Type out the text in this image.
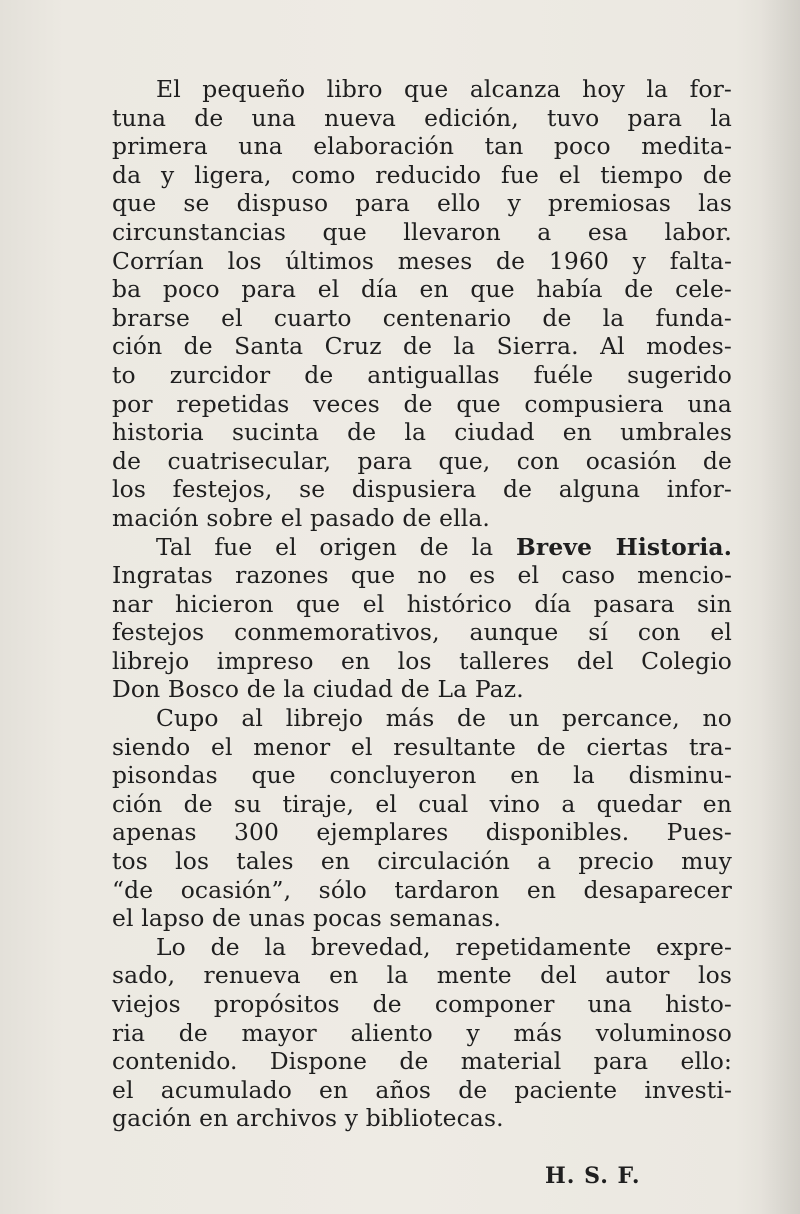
El pequeño libro que alcanza hoy la for-
tuna de una nueva edición, tuvo para la
primera una elaboración tan poco medita-
da y ligera, como reducido fue el tiempo de
que se dispuso para ello y premiosas las
circunstancias que llevaron a esa labor.
Corrían los últimos meses de 1960 y falta-
ba poco para el día en que había de cele-
brarse el cuarto centenario de la funda-
ción de Santa Cruz de la Sierra. Al modes-
to zurcidor de antiguallas fuéle sugerido
por repetidas veces de que compusiera una
historia sucinta de la ciudad en umbrales
de cuatrisecular, para que, con ocasión de
los festejos, se dispusiera de alguna infor-
mación sobre el pasado de ella.
Tal fue el origen de la Breve Historia.
Ingratas razones que no es el caso mencio-
nar hicieron que el histórico día pasara sin
festejos conmemorativos, aunque sí con el
librejo impreso en los talleres del Colegio
Don Bosco de la ciudad de La Paz.
Cupo al librejo más de un percance, no
siendo el menor el resultante de ciertas tra-
pisondas que concluyeron en la disminu-
ción de su tiraje, el cual vino a quedar en
apenas 300 ejemplares disponibles. Pues-
tos los tales en circulación a precio muy
“de ocasión”, sólo tardaron en desaparecer
el lapso de unas pocas semanas.
Lo de la brevedad, repetidamente expre-
sado, renueva en la mente del autor los
viejos propósitos de componer una histo-
ria de mayor aliento y más voluminoso
contenido. Dispone de material para ello:
el acumulado en años de paciente investi-
gación en archivos y bibliotecas.
H. S. F.
